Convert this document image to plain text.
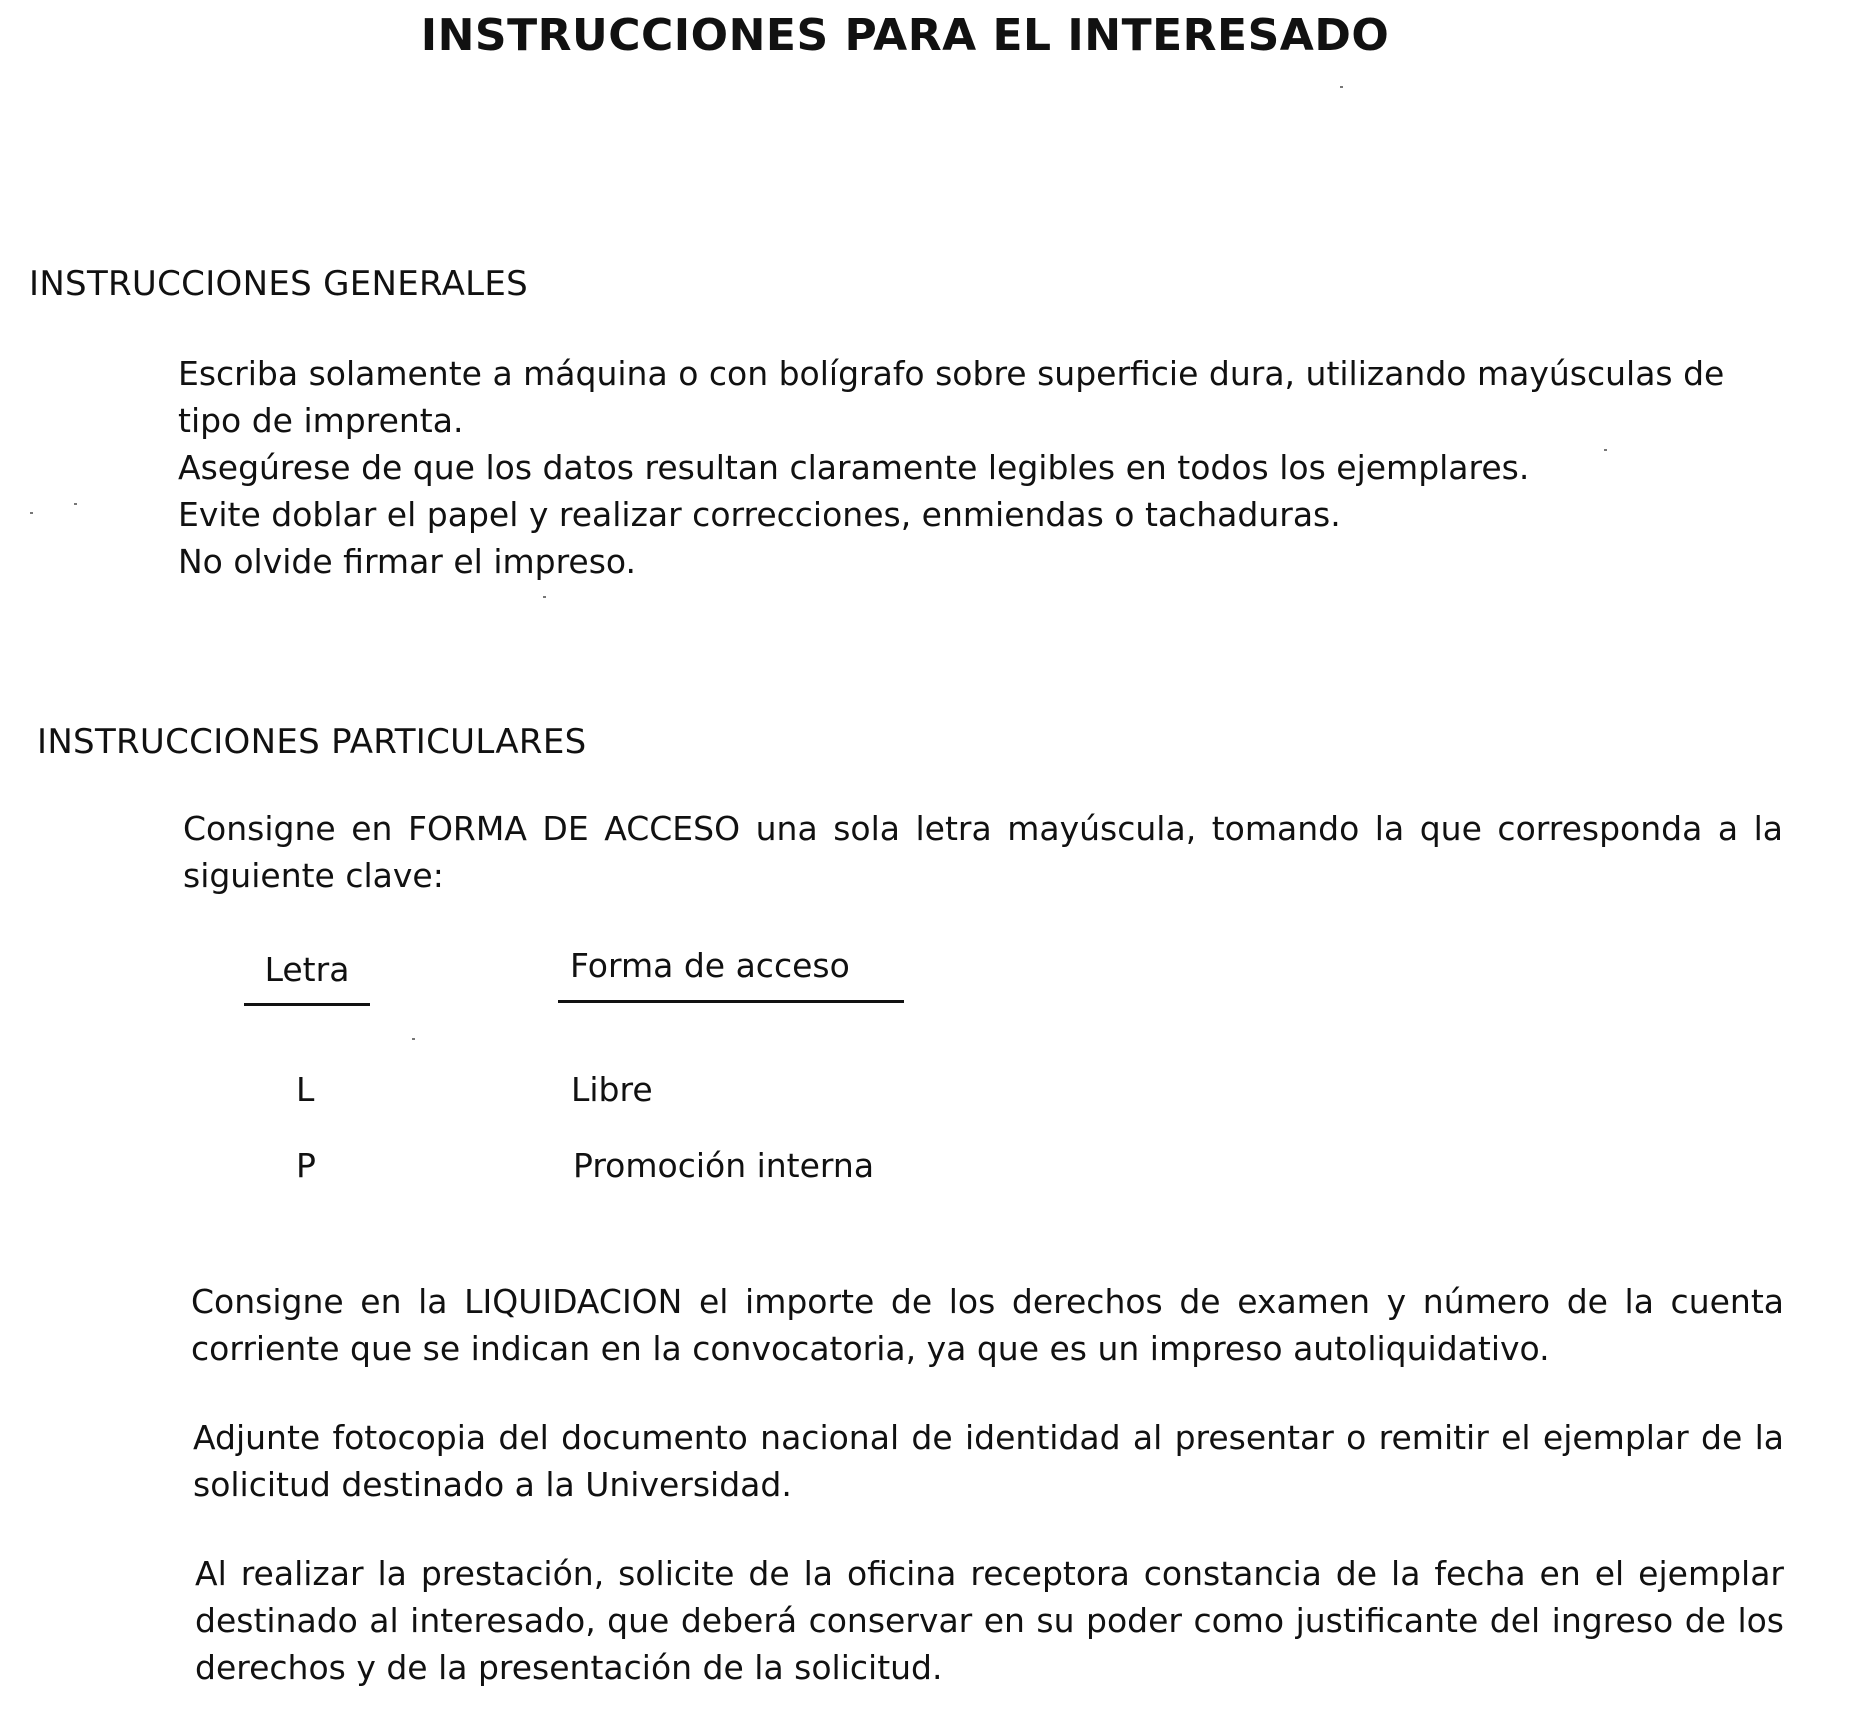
INSTRUCCIONES PARA EL INTERESADO
INSTRUCCIONES GENERALES

Escriba solamente a máquina o con bolígrafo sobre superficie dura, utilizando mayúsculas de tipo de imprenta.

Asegúrese de que los datos resultan claramente legibles en todos los ejemplares.

Evite doblar el papel y realizar correcciones, enmiendas o tachaduras.

No olvide firmar el impreso.

INSTRUCCIONES PARTICULARES
Consigne en FORMA DE ACCESO una sola letra mayúscula, tomando la que corresponda a la siguiente clave:
Letra	Forma de acceso
L	Libre
P	Promoción interna
Consigne en la LIQUIDACION el importe de los derechos de examen y número de la cuenta corriente que se indican en la convocatoria, ya que es un impreso autoliquidativo.
Adjunte fotocopia del documento nacional de identidad al presentar o remitir el ejemplar de la solicitud destinado a la Universidad.
Al realizar la prestación, solicite de la oficina receptora constancia de la fecha en el ejemplar destinado al interesado, que deberá conservar en su poder como justificante del ingreso de los derechos y de la presentación de la solicitud.
